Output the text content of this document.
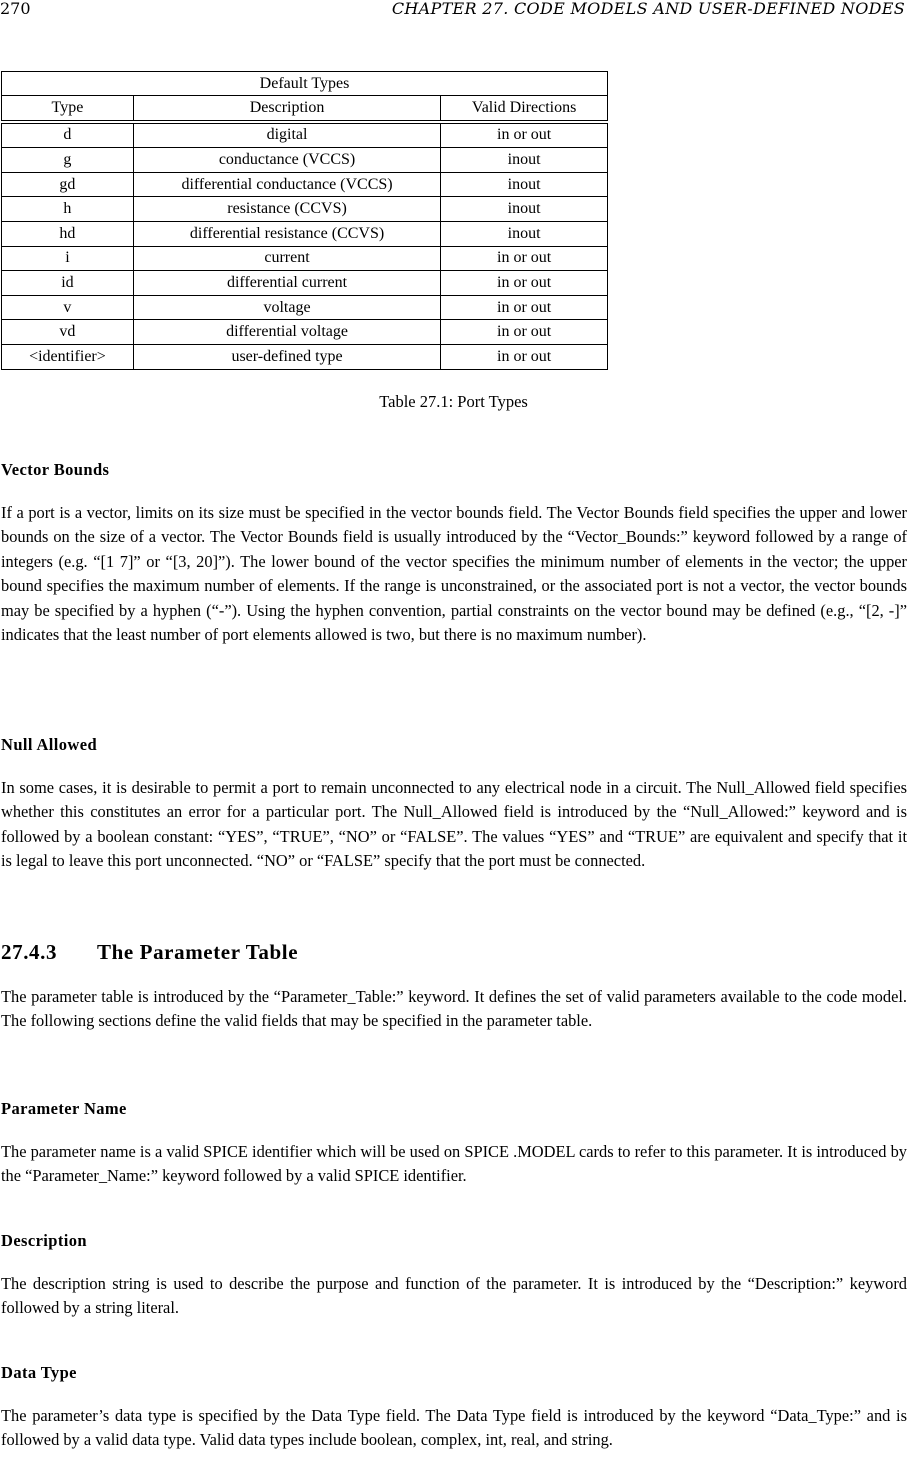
270	CHAPTER 27. CODE MODELS AND USER-DEFINED NODES
Default Types		
Type	Description	Valid Directions

d	digital	in or out
g	conductance (VCCS)	inout
gd	differential conductance (VCCS)	inout
h	resistance (CCVS)	inout
hd	differential resistance (CCVS)	inout
i	current	in or out
id	differential current	in or out
v	voltage	in or out
vd	differential voltage	in or out
<identifier>	user-defined type	in or out
Table 27.1: Port Types
Vector Bounds
If a port is a vector, limits on its size must be specified in the vector bounds field. The Vector Bounds field specifies the upper and lower bounds on the size of a vector. The Vector Bounds field is usually introduced by the “Vector_Bounds:” keyword followed by a range of integers (e.g. “[1 7]” or “[3, 20]”). The lower bound of the vector specifies the minimum number of elements in the vector; the upper bound specifies the maximum number of elements. If the range is unconstrained, or the associated port is not a vector, the vector bounds may be specified by a hyphen (“-”). Using the hyphen convention, partial constraints on the vector bound may be defined (e.g., “[2, -]” indicates that the least number of port elements allowed is two, but there is no maximum number).
Null Allowed
In some cases, it is desirable to permit a port to remain unconnected to any electrical node in a circuit. The Null_Allowed field specifies whether this constitutes an error for a particular port. The Null_Allowed field is introduced by the “Null_Allowed:” keyword and is followed by a boolean constant: “YES”, “TRUE”, “NO” or “FALSE”. The values “YES” and “TRUE” are equivalent and specify that it is legal to leave this port unconnected. “NO” or “FALSE” specify that the port must be connected.
27.4.3 The Parameter Table
The parameter table is introduced by the “Parameter_Table:” keyword. It defines the set of valid parameters available to the code model. The following sections define the valid fields that may be specified in the parameter table.
Parameter Name
The parameter name is a valid SPICE identifier which will be used on SPICE .MODEL cards to refer to this parameter. It is introduced by the “Parameter_Name:” keyword followed by a valid SPICE identifier.
Description
The description string is used to describe the purpose and function of the parameter. It is introduced by the “Description:” keyword followed by a string literal.
Data Type
The parameter’s data type is specified by the Data Type field. The Data Type field is introduced by the keyword “Data_Type:” and is followed by a valid data type. Valid data types include boolean, complex, int, real, and string.
